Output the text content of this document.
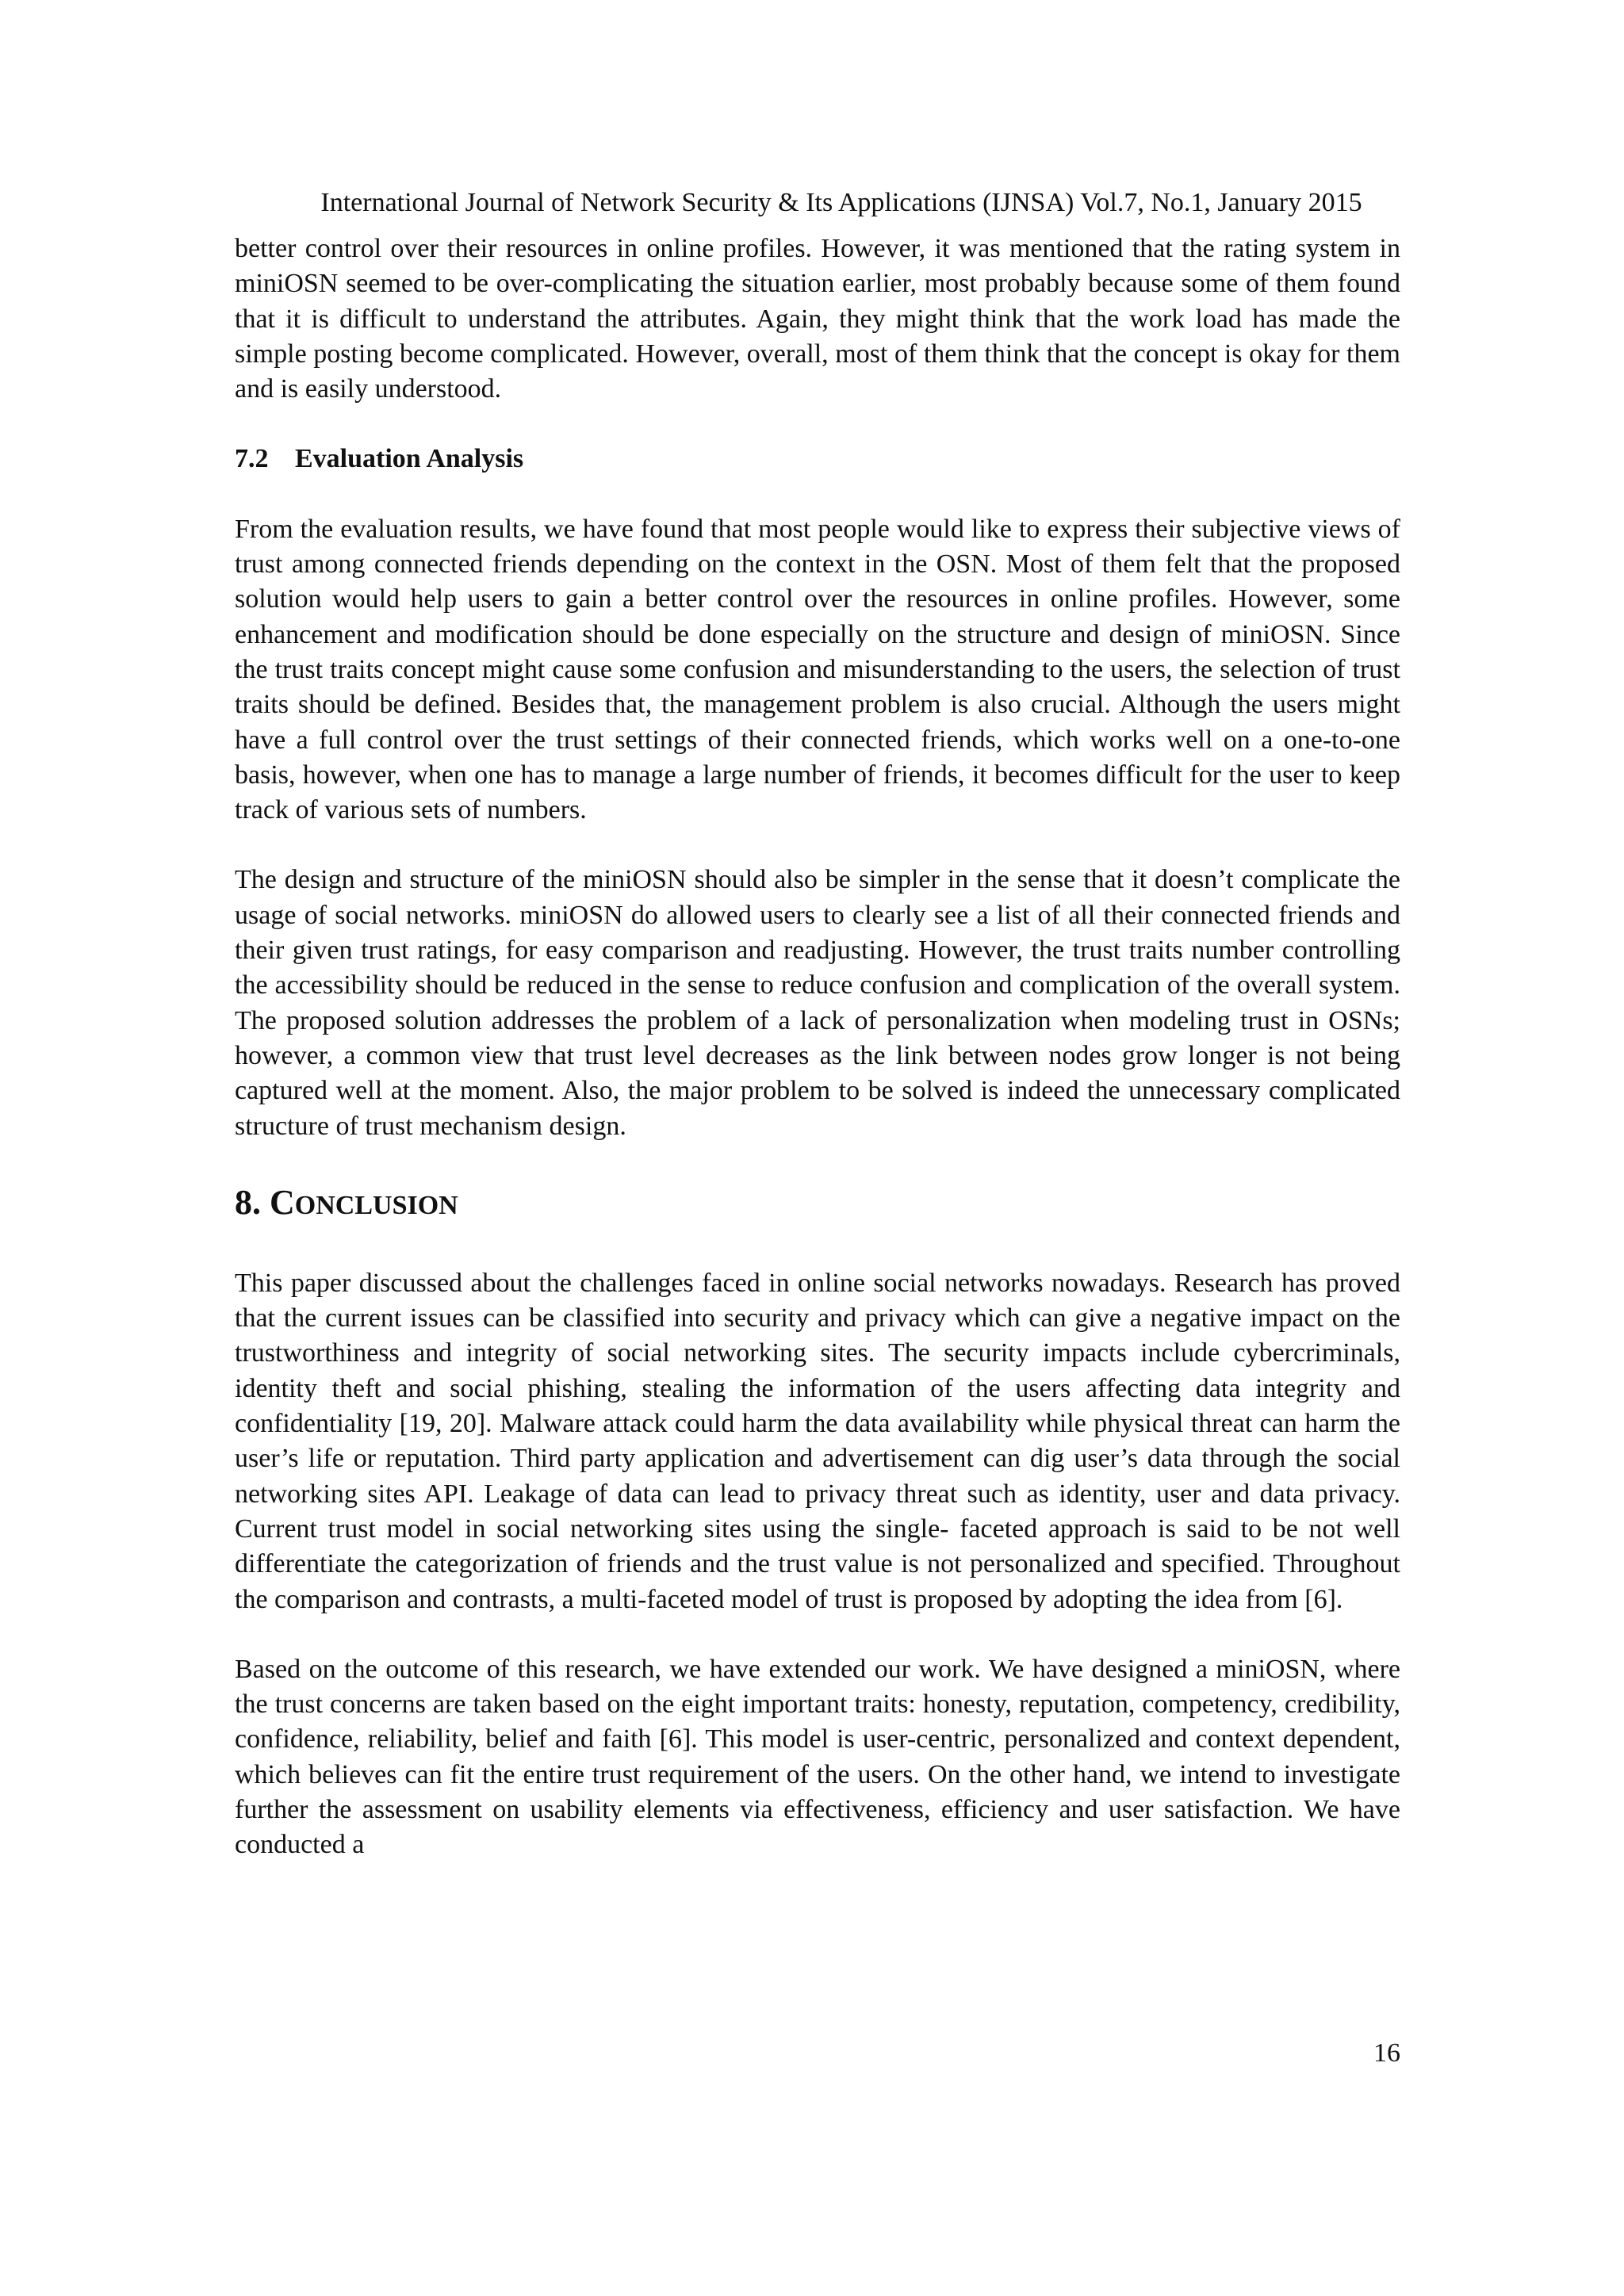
International Journal of Network Security & Its Applications (IJNSA) Vol.7, No.1, January 2015

better control over their resources in online profiles. However, it was mentioned that the rating system in miniOSN seemed to be over-complicating the situation earlier, most probably because some of them found that it is difficult to understand the attributes. Again, they might think that the work load has made the simple posting become complicated. However, overall, most of them think that the concept is okay for them and is easily understood.

7.2 Evaluation Analysis

From the evaluation results, we have found that most people would like to express their subjective views of trust among connected friends depending on the context in the OSN. Most of them felt that the proposed solution would help users to gain a better control over the resources in online profiles. However, some enhancement and modification should be done especially on the structure and design of miniOSN. Since the trust traits concept might cause some confusion and misunderstanding to the users, the selection of trust traits should be defined. Besides that, the management problem is also crucial. Although the users might have a full control over the trust settings of their connected friends, which works well on a one-to-one basis, however, when one has to manage a large number of friends, it becomes difficult for the user to keep track of various sets of numbers.

The design and structure of the miniOSN should also be simpler in the sense that it doesn’t complicate the usage of social networks. miniOSN do allowed users to clearly see a list of all their connected friends and their given trust ratings, for easy comparison and readjusting. However, the trust traits number controlling the accessibility should be reduced in the sense to reduce confusion and complication of the overall system. The proposed solution addresses the problem of a lack of personalization when modeling trust in OSNs; however, a common view that trust level decreases as the link between nodes grow longer is not being captured well at the moment. Also, the major problem to be solved is indeed the unnecessary complicated structure of trust mechanism design.

8. CONCLUSION

This paper discussed about the challenges faced in online social networks nowadays. Research has proved that the current issues can be classified into security and privacy which can give a negative impact on the trustworthiness and integrity of social networking sites. The security impacts include cybercriminals, identity theft and social phishing, stealing the information of the users affecting data integrity and confidentiality [19, 20]. Malware attack could harm the data availability while physical threat can harm the user’s life or reputation. Third party application and advertisement can dig user’s data through the social networking sites API. Leakage of data can lead to privacy threat such as identity, user and data privacy. Current trust model in social networking sites using the single- faceted approach is said to be not well differentiate the categorization of friends and the trust value is not personalized and specified. Throughout the comparison and contrasts, a multi-faceted model of trust is proposed by adopting the idea from [6].

Based on the outcome of this research, we have extended our work. We have designed a miniOSN, where the trust concerns are taken based on the eight important traits: honesty, reputation, competency, credibility, confidence, reliability, belief and faith [6]. This model is user-centric, personalized and context dependent, which believes can fit the entire trust requirement of the users. On the other hand, we intend to investigate further the assessment on usability elements via effectiveness, efficiency and user satisfaction. We have conducted a

16
